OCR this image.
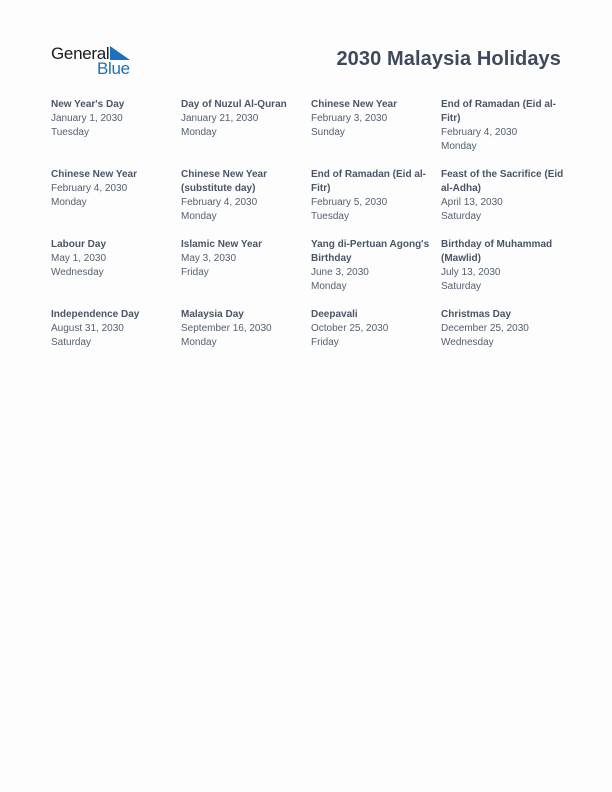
General
Blue	2030 Malaysia Holidays
New Year's Day
January 1, 2030
Tuesday
Day of Nuzul Al-Quran
January 21, 2030
Monday
Chinese New Year
February 3, 2030
Sunday
End of Ramadan (Eid al-Fitr)
February 4, 2030
Monday
Chinese New Year
February 4, 2030
Monday
Chinese New Year (substitute day)
February 4, 2030
Monday
End of Ramadan (Eid al-Fitr)
February 5, 2030
Tuesday
Feast of the Sacrifice (Eid al-Adha)
April 13, 2030
Saturday
Labour Day
May 1, 2030
Wednesday
Islamic New Year
May 3, 2030
Friday
Yang di-Pertuan Agong's Birthday
June 3, 2030
Monday
Birthday of Muhammad (Mawlid)
July 13, 2030
Saturday
Independence Day
August 31, 2030
Saturday
Malaysia Day
September 16, 2030
Monday
Deepavali
October 25, 2030
Friday
Christmas Day
December 25, 2030
Wednesday
